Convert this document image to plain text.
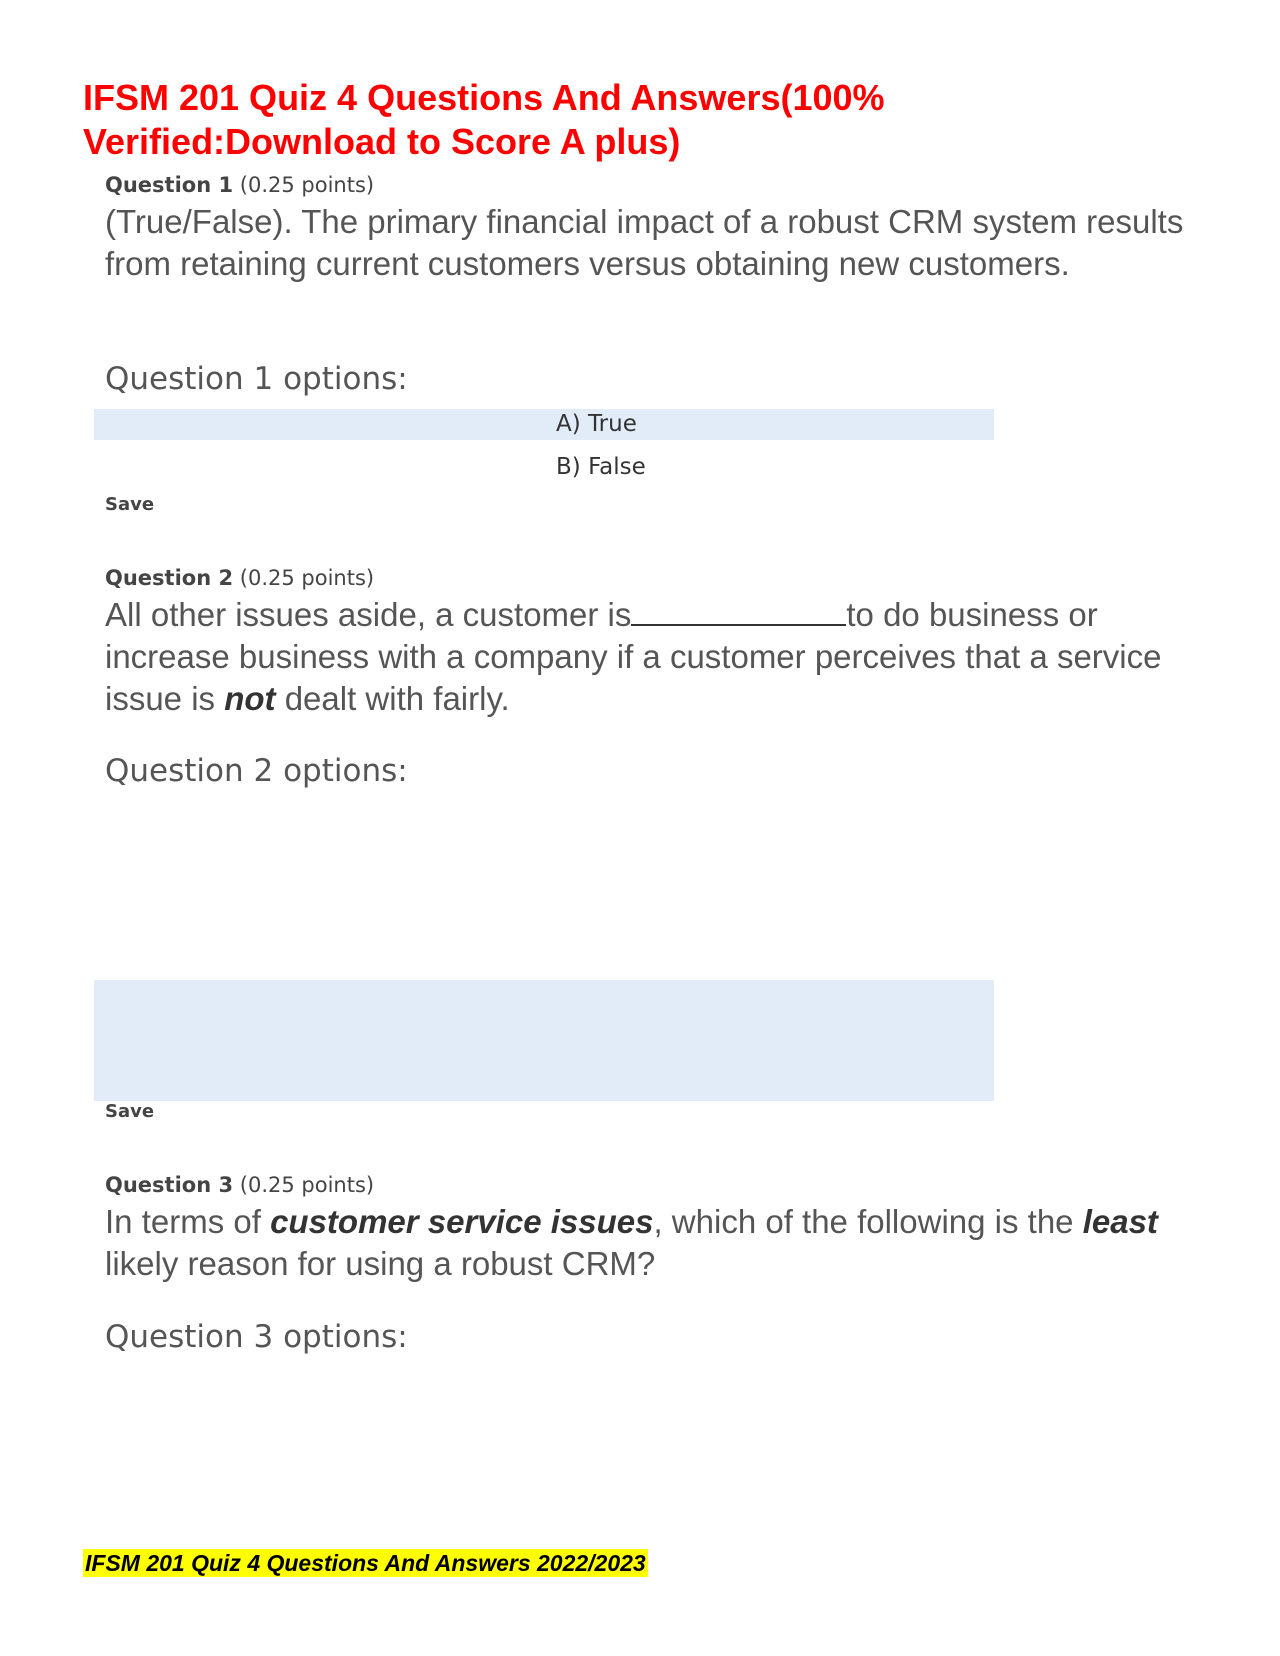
IFSM 201 Quiz 4 Questions And Answers(100% Verified:Download to Score A plus)

Question 1 (0.25 points)

(True/False). The primary financial impact of a robust CRM system results from retaining current customers versus obtaining new customers.

Question 1 options:

A) True
B) False

Save

Question 2 (0.25 points)

All other issues aside, a customer is	to do business or increase business with a company if a customer perceives that a service issue is not dealt with fairly.

Question 2 options:

Save

Question 3 (0.25 points)

In terms of customer service issues, which of the following is the least likely reason for using a robust CRM?

Question 3 options:

IFSM 201 Quiz 4 Questions And Answers 2022/2023
